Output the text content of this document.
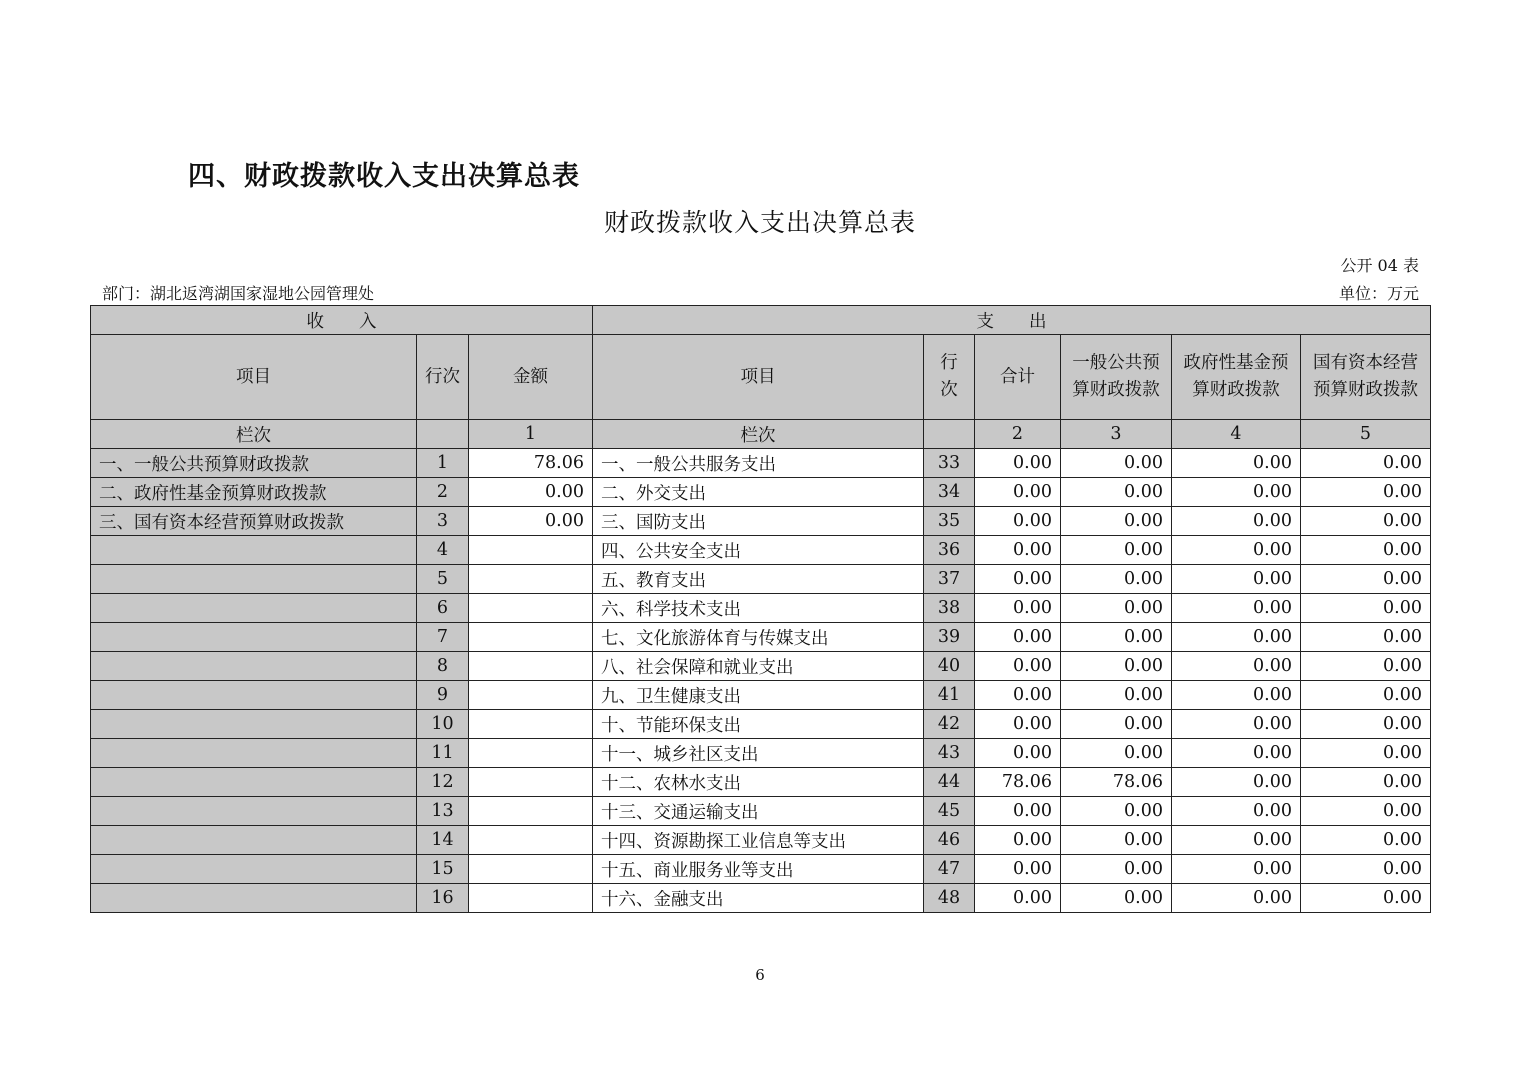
四、财政拨款收入支出决算总表
财政拨款收入支出决算总表
公开 04 表
部门：湖北返湾湖国家湿地公园管理处	单位：万元
收　　入			支　　出					
项目	行次	金额	项目	行次	合计	一般公共预算财政拨款	政府性基金预算财政拨款	国有资本经营预算财政拨款
栏次		1	栏次		2	3	4	5
一、一般公共预算财政拨款	1	78.06	一、一般公共服务支出	33	0.00	0.00	0.00	0.00
二、政府性基金预算财政拨款	2	0.00	二、外交支出	34	0.00	0.00	0.00	0.00
三、国有资本经营预算财政拨款	3	0.00	三、国防支出	35	0.00	0.00	0.00	0.00
	4		四、公共安全支出	36	0.00	0.00	0.00	0.00
	5		五、教育支出	37	0.00	0.00	0.00	0.00
	6		六、科学技术支出	38	0.00	0.00	0.00	0.00
	7		七、文化旅游体育与传媒支出	39	0.00	0.00	0.00	0.00
	8		八、社会保障和就业支出	40	0.00	0.00	0.00	0.00
	9		九、卫生健康支出	41	0.00	0.00	0.00	0.00
	10		十、节能环保支出	42	0.00	0.00	0.00	0.00
	11		十一、城乡社区支出	43	0.00	0.00	0.00	0.00
	12		十二、农林水支出	44	78.06	78.06	0.00	0.00
	13		十三、交通运输支出	45	0.00	0.00	0.00	0.00
	14		十四、资源勘探工业信息等支出	46	0.00	0.00	0.00	0.00
	15		十五、商业服务业等支出	47	0.00	0.00	0.00	0.00
	16		十六、金融支出	48	0.00	0.00	0.00	0.00
6
